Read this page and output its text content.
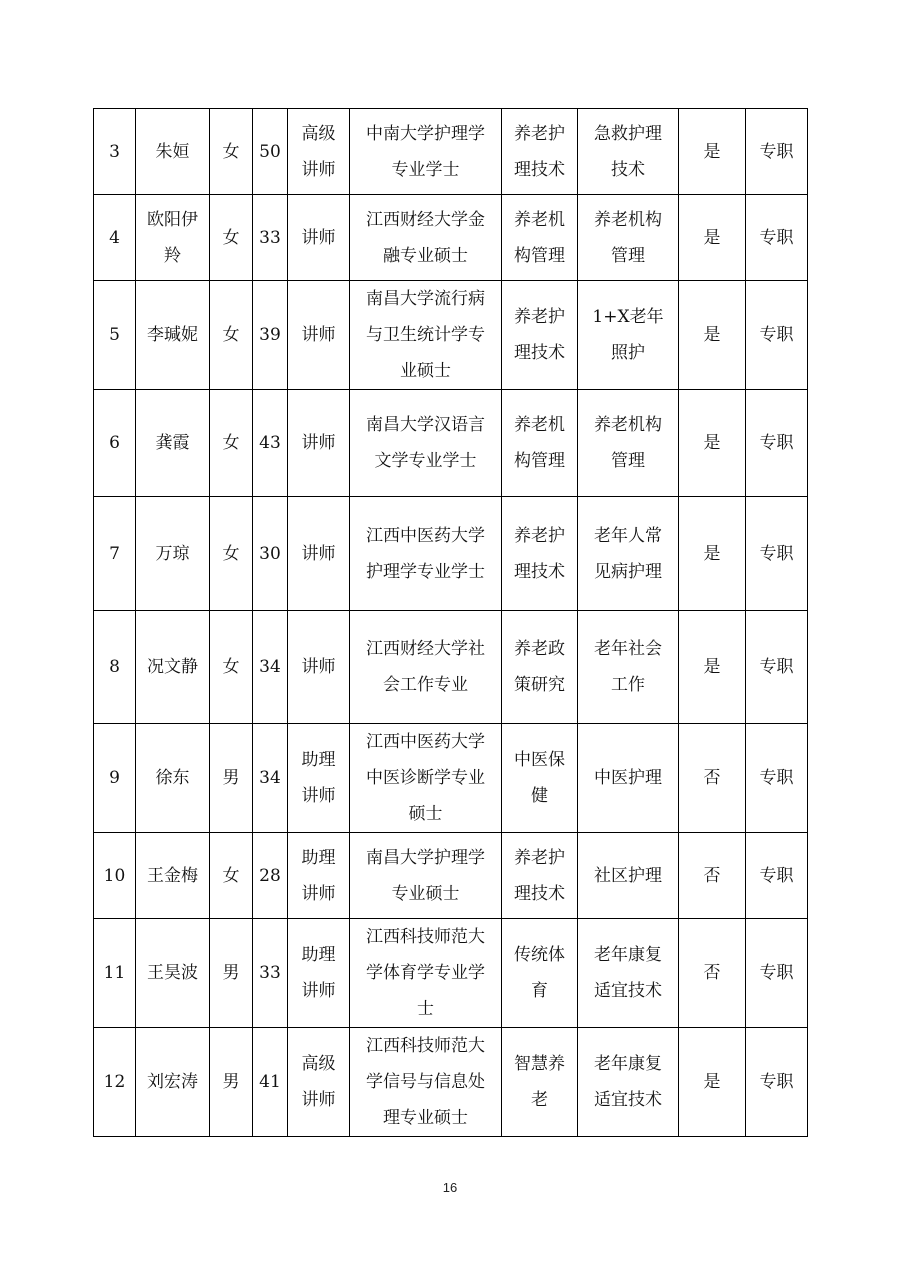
3	朱姮	女	50	高级讲师	中南大学护理学专业学士	养老护理技术	急救护理技术	是	专职
4	欧阳伊羚	女	33	讲师	江西财经大学金融专业硕士	养老机构管理	养老机构管理	是	专职
5	李瑊妮	女	39	讲师	南昌大学流行病与卫生统计学专业硕士	养老护理技术	1+X老年照护	是	专职
6	龚霞	女	43	讲师	南昌大学汉语言文学专业学士	养老机构管理	养老机构管理	是	专职
7	万琼	女	30	讲师	江西中医药大学护理学专业学士	养老护理技术	老年人常见病护理	是	专职
8	况文静	女	34	讲师	江西财经大学社会工作专业	养老政策研究	老年社会工作	是	专职
9	徐东	男	34	助理讲师	江西中医药大学中医诊断学专业硕士	中医保健	中医护理	否	专职
10	王金梅	女	28	助理讲师	南昌大学护理学专业硕士	养老护理技术	社区护理	否	专职
11	王昊波	男	33	助理讲师	江西科技师范大学体育学专业学士	传统体育	老年康复适宜技术	否	专职
12	刘宏涛	男	41	高级讲师	江西科技师范大学信号与信息处理专业硕士	智慧养老	老年康复适宜技术	是	专职
16
